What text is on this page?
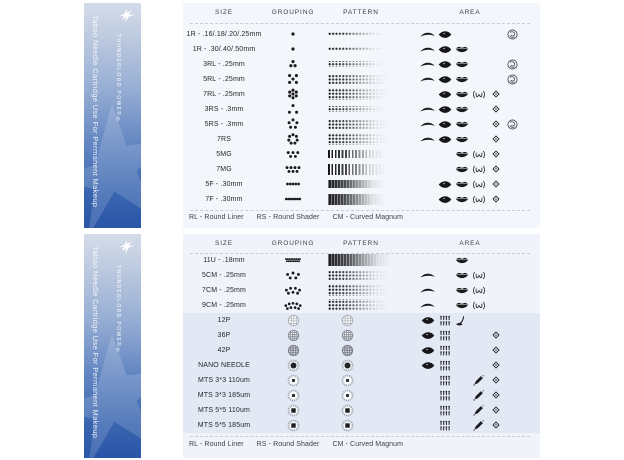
THUNDERLORD POWER®
Tattoo Needle Cartridge Use For Permanent Makeup
THUNDERLORD POWER®
Tattoo Needle Cartridge Use For Permanent Makeup
SIZE	GROUPING	PATTERN	AREA
1R - .16/.18/.20/.25mm
1R - .30/.40/.50mm
3RL - .25mm
5RL - .25mm
7RL - .25mm
3RS - .3mm
5RS - .3mm
7RS
5MG
7MG
5F - .30mm
7F - .30mm
RL - Round Liner RS - Round Shader CM - Curved Magnum
SIZE	GROUPING	PATTERN	AREA
11U - .18mm
5CM - .25mm
7CM - .25mm
9CM - .25mm
12P
36P
42P
NANO NEEDLE
MTS 3*3 110um
MTS 3*3 185um
MTS 5*5 110um
MTS 5*5 185um
RL - Round Liner RS - Round Shader CM - Curved Magnum
